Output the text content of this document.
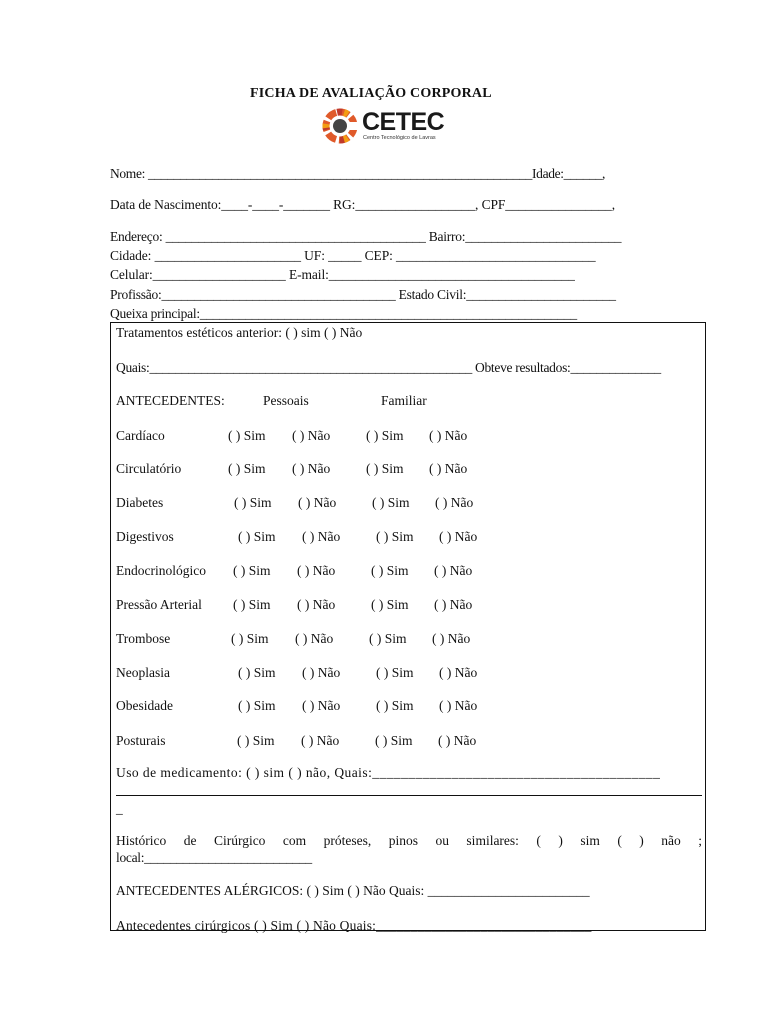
FICHA DE AVALIAÇÃO CORPORAL
CETEC
Centro Tecnológico de Lavras
Nome: ____________________________________________________________Idade:______,
Data de Nascimento:____-____-_______ RG:__________________, CPF________________,
Endereço: ________________________________________ Bairro:________________________
Cidade: ______________________ UF: _____ CEP: ______________________________
Celular:____________________ E-mail:_____________________________________
Profissão:____________________________________ Estado Civil:_______________________
Queixa principal:__________________________________________________________
Tratamentos estéticos anterior: ( ) sim ( ) Não
Quais:__________________________________________________ Obteve resultados:______________
ANTECEDENTES:	Pessoais	Familiar
Cardíaco	( ) Sim ( ) Não	( ) Sim ( ) Não
Circulatório	( ) Sim ( ) Não	( ) Sim ( ) Não
Diabetes	( ) Sim ( ) Não	( ) Sim ( ) Não
Digestivos	( ) Sim ( ) Não	( ) Sim ( ) Não
Endocrinológico ( ) Sim ( ) Não	( ) Sim ( ) Não
Pressão Arterial ( ) Sim ( ) Não	( ) Sim ( ) Não
Trombose	( ) Sim ( ) Não	( ) Sim ( ) Não
Neoplasia	( ) Sim ( ) Não	( ) Sim ( ) Não
Obesidade	( ) Sim ( ) Não	( ) Sim ( ) Não
Posturais	( ) Sim ( ) Não	( ) Sim ( ) Não
Uso de medicamento: ( ) sim ( ) não, Quais:________________________________________
_
Histórico de Cirúrgico com próteses, pinos ou similares: ( ) sim ( ) não ;
local:__________________________
ANTECEDENTES ALÉRGICOS: ( ) Sim ( ) Não Quais: ________________________
Antecedentes cirúrgicos ( ) Sim ( ) Não Quais:_______________________________
